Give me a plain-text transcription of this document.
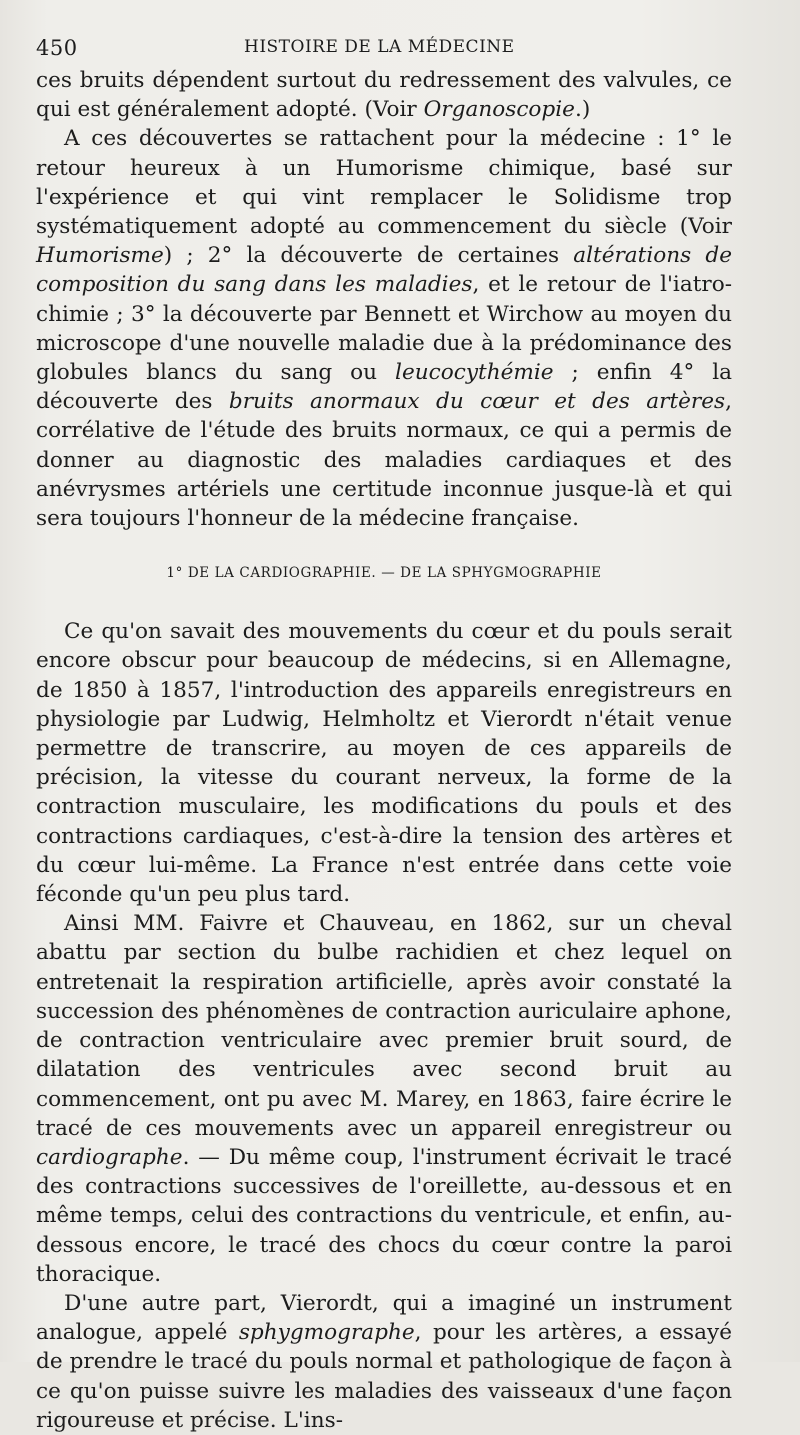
450	HISTOIRE DE LA MÉDECINE

ces bruits dépendent surtout du redressement des valvules, ce qui est généralement adopté. (Voir Organoscopie.)

A ces découvertes se rattachent pour la médecine : 1° le retour heureux à un Humorisme chimique, basé sur l'expérience et qui vint remplacer le Solidisme trop systématiquement adopté au commencement du siècle (Voir Humorisme) ; 2° la découverte de certaines altérations de composition du sang dans les maladies, et le retour de l'iatro-chimie ; 3° la découverte par Bennett et Wirchow au moyen du microscope d'une nouvelle maladie due à la prédominance des globules blancs du sang ou leucocythémie ; enfin 4° la découverte des bruits anormaux du cœur et des artères, corrélative de l'étude des bruits normaux, ce qui a permis de donner au diagnostic des maladies cardiaques et des anévrysmes artériels une certitude inconnue jusque-là et qui sera toujours l'honneur de la médecine française.

1° DE LA CARDIOGRAPHIE. — DE LA SPHYGMOGRAPHIE

Ce qu'on savait des mouvements du cœur et du pouls serait encore obscur pour beaucoup de médecins, si en Allemagne, de 1850 à 1857, l'introduction des appareils enregistreurs en physiologie par Ludwig, Helmholtz et Vierordt n'était venue permettre de transcrire, au moyen de ces appareils de précision, la vitesse du courant nerveux, la forme de la contraction musculaire, les modifications du pouls et des contractions cardiaques, c'est-à-dire la tension des artères et du cœur lui-même. La France n'est entrée dans cette voie féconde qu'un peu plus tard.

Ainsi MM. Faivre et Chauveau, en 1862, sur un cheval abattu par section du bulbe rachidien et chez lequel on entretenait la respiration artificielle, après avoir constaté la succession des phénomènes de contraction auriculaire aphone, de contraction ventriculaire avec premier bruit sourd, de dilatation des ventricules avec second bruit au commencement, ont pu avec M. Marey, en 1863, faire écrire le tracé de ces mouvements avec un appareil enregistreur ou cardiographe. — Du même coup, l'instrument écrivait le tracé des contractions successives de l'oreillette, au-dessous et en même temps, celui des contractions du ventricule, et enfin, au-dessous encore, le tracé des chocs du cœur contre la paroi thoracique.

D'une autre part, Vierordt, qui a imaginé un instrument analogue, appelé sphygmographe, pour les artères, a essayé de prendre le tracé du pouls normal et pathologique de façon à ce qu'on puisse suivre les maladies des vaisseaux d'une façon rigoureuse et précise. L'ins-
